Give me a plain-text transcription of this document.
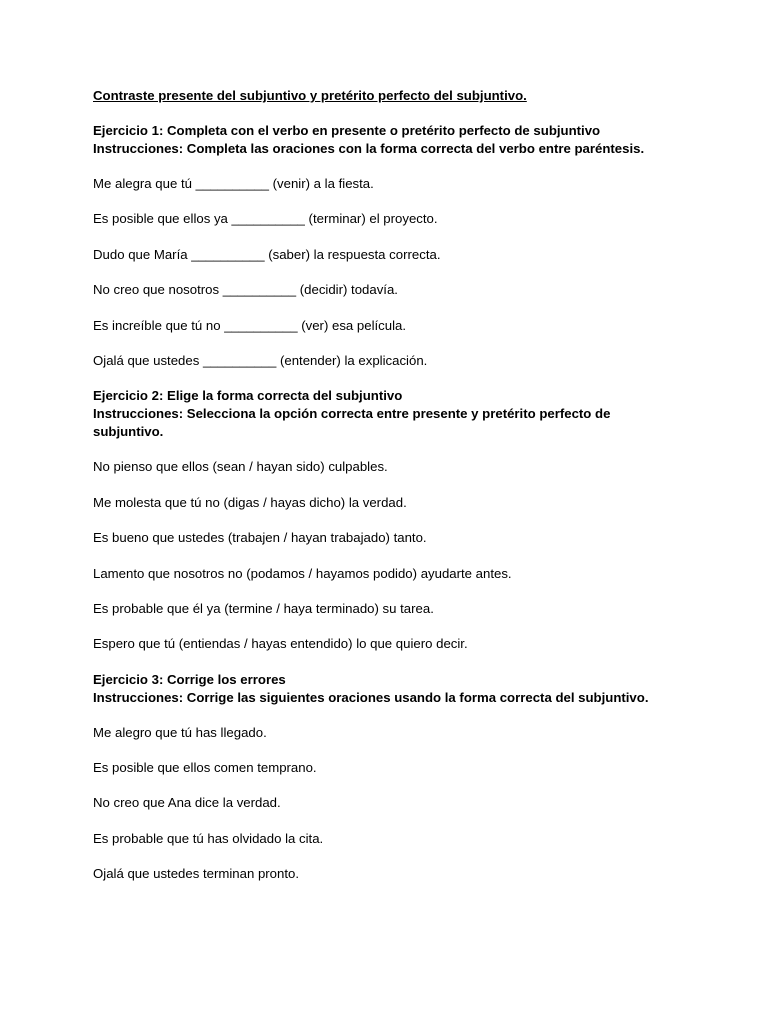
Contraste presente del subjuntivo y pretérito perfecto del subjuntivo.
Ejercicio 1: Completa con el verbo en presente o pretérito perfecto de subjuntivo
Instrucciones: Completa las oraciones con la forma correcta del verbo entre paréntesis.
Me alegra que tú __________ (venir) a la fiesta.
Es posible que ellos ya __________ (terminar) el proyecto.
Dudo que María __________ (saber) la respuesta correcta.
No creo que nosotros __________ (decidir) todavía.
Es increíble que tú no __________ (ver) esa película.
Ojalá que ustedes __________ (entender) la explicación.
Ejercicio 2: Elige la forma correcta del subjuntivo
Instrucciones: Selecciona la opción correcta entre presente y pretérito perfecto de subjuntivo.
No pienso que ellos (sean / hayan sido) culpables.
Me molesta que tú no (digas / hayas dicho) la verdad.
Es bueno que ustedes (trabajen / hayan trabajado) tanto.
Lamento que nosotros no (podamos / hayamos podido) ayudarte antes.
Es probable que él ya (termine / haya terminado) su tarea.
Espero que tú (entiendas / hayas entendido) lo que quiero decir.
Ejercicio 3: Corrige los errores
Instrucciones: Corrige las siguientes oraciones usando la forma correcta del subjuntivo.
Me alegro que tú has llegado.
Es posible que ellos comen temprano.
No creo que Ana dice la verdad.
Es probable que tú has olvidado la cita.
Ojalá que ustedes terminan pronto.
